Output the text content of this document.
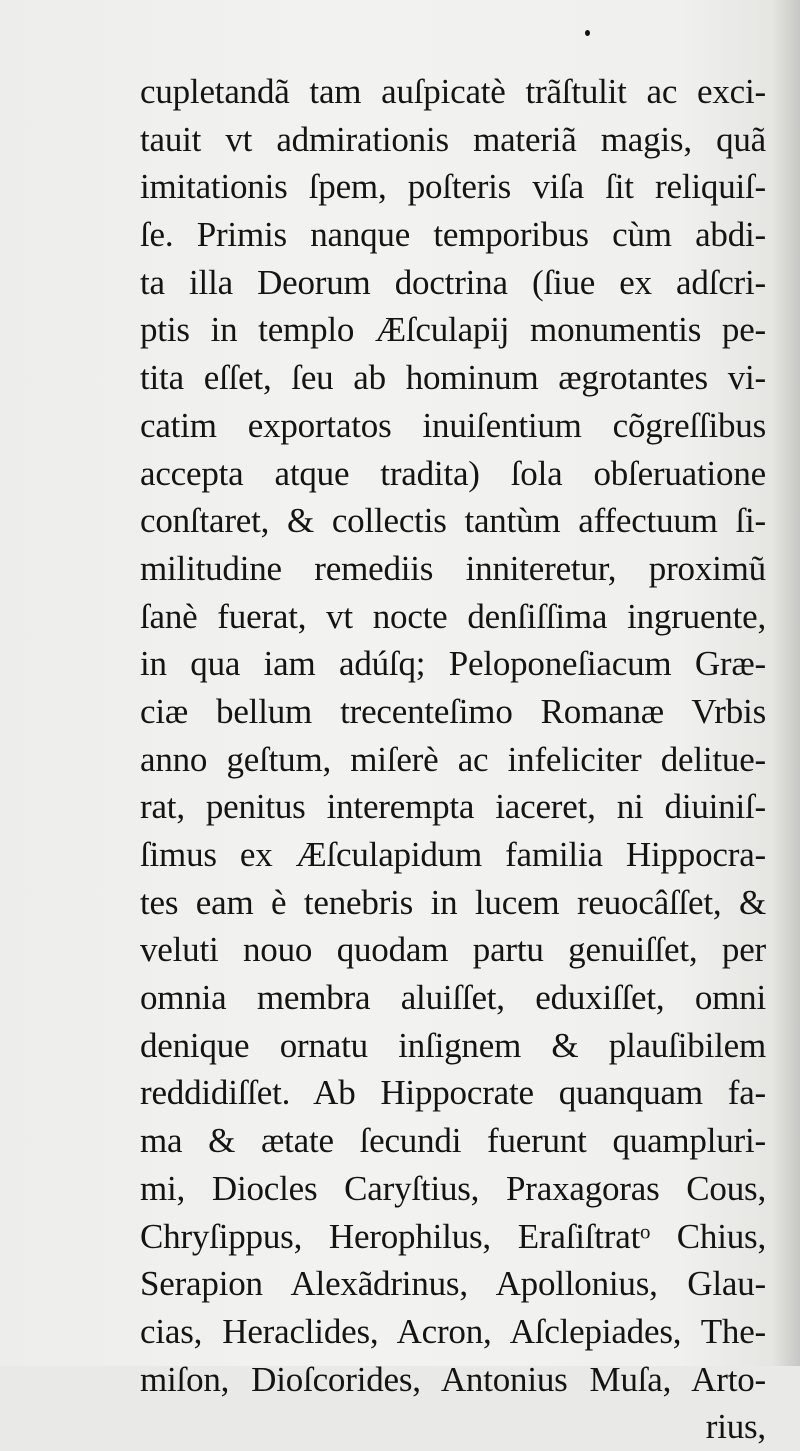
cupletandã tam auſpicatè trãſtulit ac exci-
tauit vt admirationis materiã magis, quã
imitationis ſpem, poſteris viſa ſit reliquiſ-
ſe. Primis nanque temporibus cùm abdi-
ta illa Deorum doctrina (ſiue ex adſcri-
ptis in templo Æſculapij monumentis pe-
tita eſſet, ſeu ab hominum ægrotantes vi-
catim exportatos inuiſentium cõgreſſibus
accepta atque tradita) ſola obſeruatione
conſtaret, & collectis tantùm affectuum ſi-
militudine remediis inniteretur, proximũ
ſanè fuerat, vt nocte denſiſſima ingruente,
in qua iam adúſq; Peloponeſiacum Græ-
ciæ bellum trecenteſimo Romanæ Vrbis
anno geſtum, miſerè ac infeliciter delitue-
rat, penitus interempta iaceret, ni diuiniſ-
ſimus ex Æſculapidum familia Hippocra-
tes eam è tenebris in lucem reuocâſſet, &
veluti nouo quodam partu genuiſſet, per
omnia membra aluiſſet, eduxiſſet, omni
denique ornatu inſignem & plauſibilem
reddidiſſet. Ab Hippocrate quanquam fa-
ma & ætate ſecundi fuerunt quampluri-
mi, Diocles Caryſtius, Praxagoras Cous,
Chryſippus, Herophilus, Eraſiſtratᵒ Chius,
Serapion Alexãdrinus, Apollonius, Glau-
cias, Heraclides, Acron, Aſclepiades, The-
miſon, Dioſcorides, Antonius Muſa, Arto-
rius,
